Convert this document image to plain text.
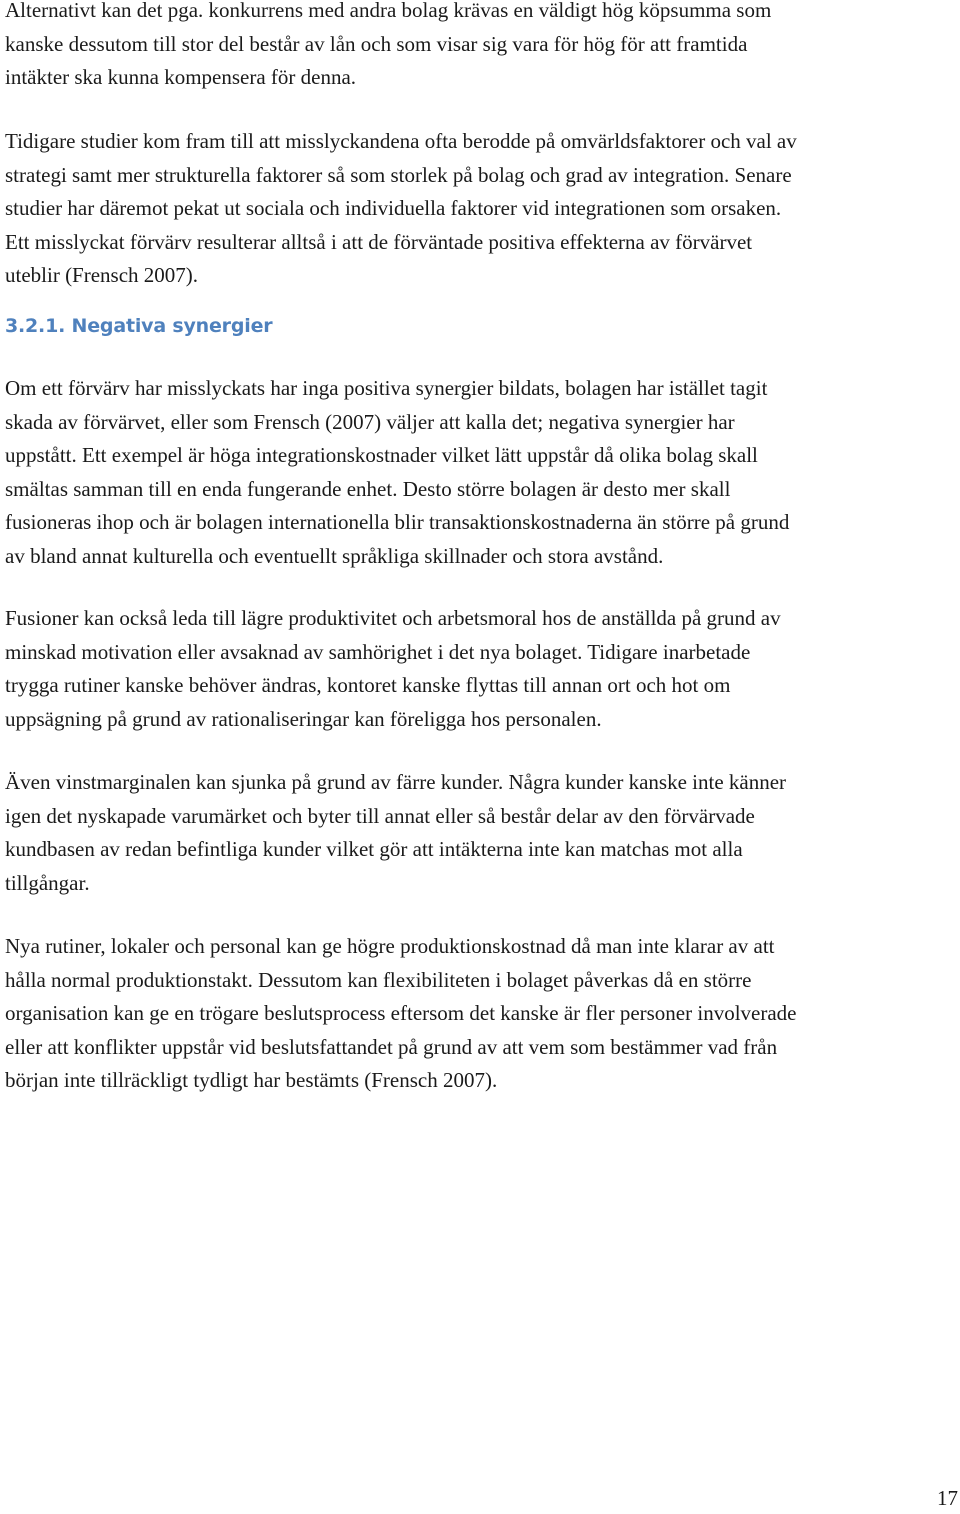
Alternativt kan det pga. konkurrens med andra bolag krävas en väldigt hög köpsumma som
kanske dessutom till stor del består av lån och som visar sig vara för hög för att framtida
intäkter ska kunna kompensera för denna.
Tidigare studier kom fram till att misslyckandena ofta berodde på omvärldsfaktorer och val av
strategi samt mer strukturella faktorer så som storlek på bolag och grad av integration. Senare
studier har däremot pekat ut sociala och individuella faktorer vid integrationen som orsaken.
Ett misslyckat förvärv resulterar alltså i att de förväntade positiva effekterna av förvärvet
uteblir (Frensch 2007).
3.2.1. Negativa synergier
Om ett förvärv har misslyckats har inga positiva synergier bildats, bolagen har istället tagit
skada av förvärvet, eller som Frensch (2007) väljer att kalla det; negativa synergier har
uppstått. Ett exempel är höga integrationskostnader vilket lätt uppstår då olika bolag skall
smältas samman till en enda fungerande enhet. Desto större bolagen är desto mer skall
fusioneras ihop och är bolagen internationella blir transaktionskostnaderna än större på grund
av bland annat kulturella och eventuellt språkliga skillnader och stora avstånd.
Fusioner kan också leda till lägre produktivitet och arbetsmoral hos de anställda på grund av
minskad motivation eller avsaknad av samhörighet i det nya bolaget. Tidigare inarbetade
trygga rutiner kanske behöver ändras, kontoret kanske flyttas till annan ort och hot om
uppsägning på grund av rationaliseringar kan föreligga hos personalen.
Även vinstmarginalen kan sjunka på grund av färre kunder. Några kunder kanske inte känner
igen det nyskapade varumärket och byter till annat eller så består delar av den förvärvade
kundbasen av redan befintliga kunder vilket gör att intäkterna inte kan matchas mot alla
tillgångar.
Nya rutiner, lokaler och personal kan ge högre produktionskostnad då man inte klarar av att
hålla normal produktionstakt. Dessutom kan flexibiliteten i bolaget påverkas då en större
organisation kan ge en trögare beslutsprocess eftersom det kanske är fler personer involverade
eller att konflikter uppstår vid beslutsfattandet på grund av att vem som bestämmer vad från
början inte tillräckligt tydligt har bestämts (Frensch 2007).
17
